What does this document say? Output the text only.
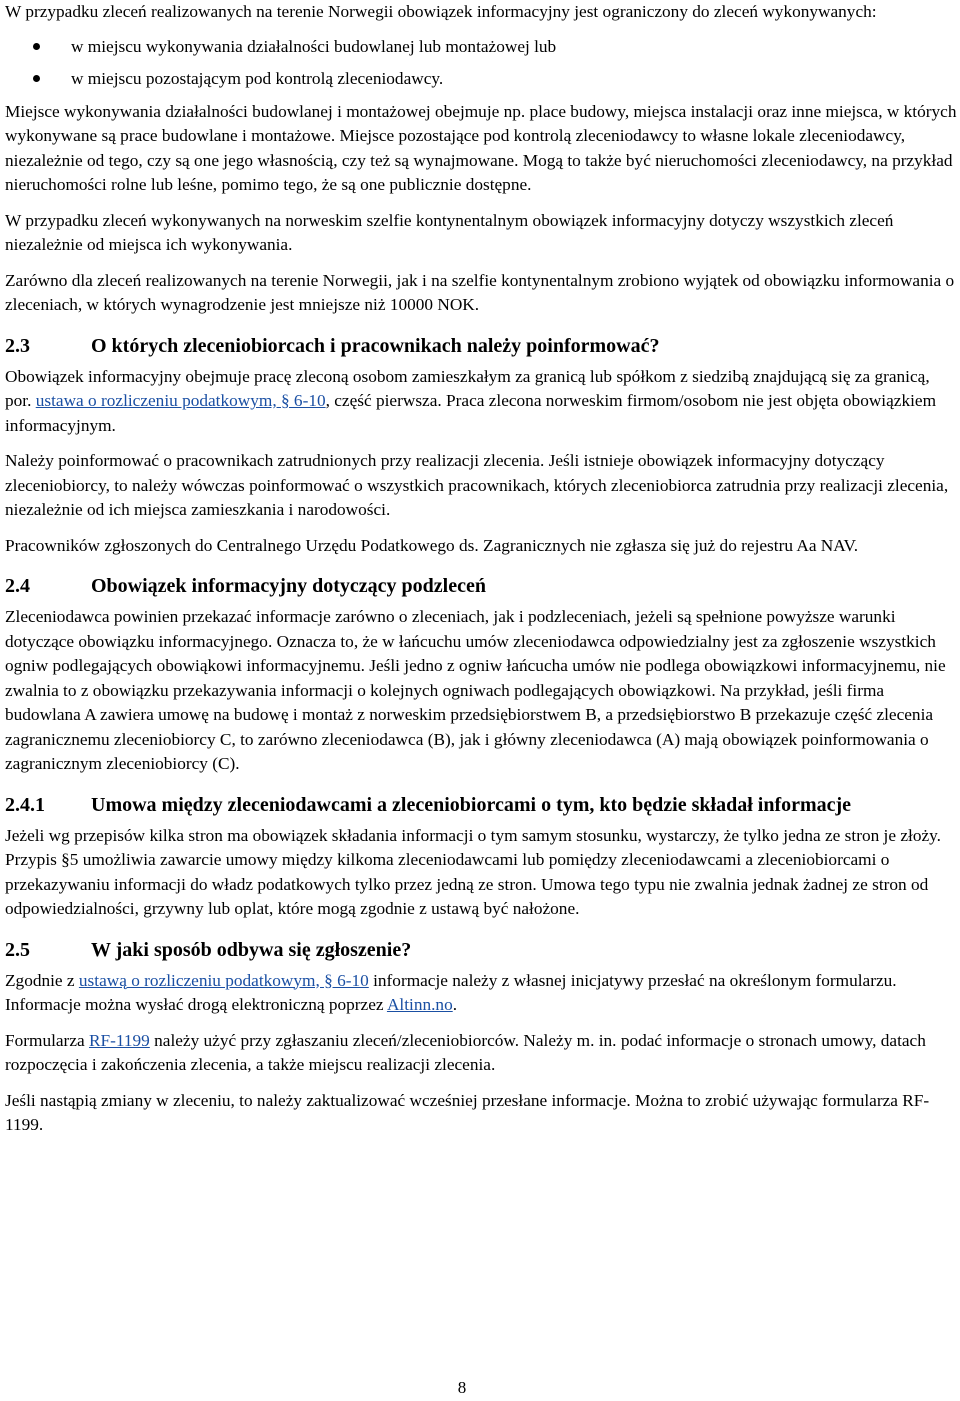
W przypadku zleceń realizowanych na terenie Norwegii obowiązek informacyjny jest ograniczony do zleceń wykonywanych:

w miejscu wykonywania działalności budowlanej lub montażowej lub
w miejscu pozostającym pod kontrolą zleceniodawcy.

Miejsce wykonywania działalności budowlanej i montażowej obejmuje np. place budowy, miejsca instalacji oraz inne miejsca, w których wykonywane są prace budowlane i montażowe. Miejsce pozostające pod kontrolą zleceniodawcy to własne lokale zleceniodawcy, niezależnie od tego, czy są one jego własnością, czy też są wynajmowane. Mogą to także być nieruchomości zleceniodawcy, na przykład nieruchomości rolne lub leśne, pomimo tego, że są one publicznie dostępne.

W przypadku zleceń wykonywanych na norweskim szelfie kontynentalnym obowiązek informacyjny dotyczy wszystkich zleceń niezależnie od miejsca ich wykonywania.

Zarówno dla zleceń realizowanych na terenie Norwegii, jak i na szelfie kontynentalnym zrobiono wyjątek od obowiązku informowania o zleceniach, w których wynagrodzenie jest mniejsze niż 10000 NOK.

2.3	O których zleceniobiorcach i pracownikach należy poinformować?

Obowiązek informacyjny obejmuje pracę zleconą osobom zamieszkałym za granicą lub spółkom z siedzibą znajdującą się za granicą, por. ustawa o rozliczeniu podatkowym, § 6-10, część pierwsza. Praca zlecona norweskim firmom/osobom nie jest objęta obowiązkiem informacyjnym.

Należy poinformować o pracownikach zatrudnionych przy realizacji zlecenia. Jeśli istnieje obowiązek informacyjny dotyczący zleceniobiorcy, to należy wówczas poinformować o wszystkich pracownikach, których zleceniobiorca zatrudnia przy realizacji zlecenia, niezależnie od ich miejsca zamieszkania i narodowości.

Pracowników zgłoszonych do Centralnego Urzędu Podatkowego ds. Zagranicznych nie zgłasza się już do rejestru Aa NAV.

2.4	Obowiązek informacyjny dotyczący podzleceń

Zleceniodawca powinien przekazać informacje zarówno o zleceniach, jak i podzleceniach, jeżeli są spełnione powyższe warunki dotyczące obowiązku informacyjnego. Oznacza to, że w łańcuchu umów zleceniodawca odpowiedzialny jest za zgłoszenie wszystkich ogniw podlegających obowiąkowi informacyjnemu. Jeśli jedno z ogniw łańcucha umów nie podlega obowiązkowi informacyjnemu, nie zwalnia to z obowiązku przekazywania informacji o kolejnych ogniwach podlegających obowiązkowi. Na przykład, jeśli firma budowlana A zawiera umowę na budowę i montaż z norweskim przedsiębiorstwem B, a przedsiębiorstwo B przekazuje część zlecenia zagranicznemu zleceniobiorcy C, to zarówno zleceniodawca (B), jak i główny zleceniodawca (A) mają obowiązek poinformowania o zagranicznym zleceniobiorcy (C).

2.4.1 Umowa między zleceniodawcami a zleceniobiorcami o tym, kto będzie składał informacje

Jeżeli wg przepisów kilka stron ma obowiązek składania informacji o tym samym stosunku, wystarczy, że tylko jedna ze stron je złoży. Przypis §5 umożliwia zawarcie umowy między kilkoma zleceniodawcami lub pomiędzy zleceniodawcami a zleceniobiorcami o przekazywaniu informacji do władz podatkowych tylko przez jedną ze stron. Umowa tego typu nie zwalnia jednak żadnej ze stron od odpowiedzialności, grzywny lub oplat, które mogą zgodnie z ustawą być nałożone.

2.5	W jaki sposób odbywa się zgłoszenie?

Zgodnie z ustawą o rozliczeniu podatkowym, § 6-10 informacje należy z własnej inicjatywy przesłać na określonym formularzu. Informacje można wysłać drogą elektroniczną poprzez Altinn.no.

Formularza RF-1199 należy użyć przy zgłaszaniu zleceń/zleceniobiorców. Należy m. in. podać informacje o stronach umowy, datach rozpoczęcia i zakończenia zlecenia, a także miejscu realizacji zlecenia.

Jeśli nastąpią zmiany w zleceniu, to należy zaktualizować wcześniej przesłane informacje. Można to zrobić używając formularza RF-1199.

8
